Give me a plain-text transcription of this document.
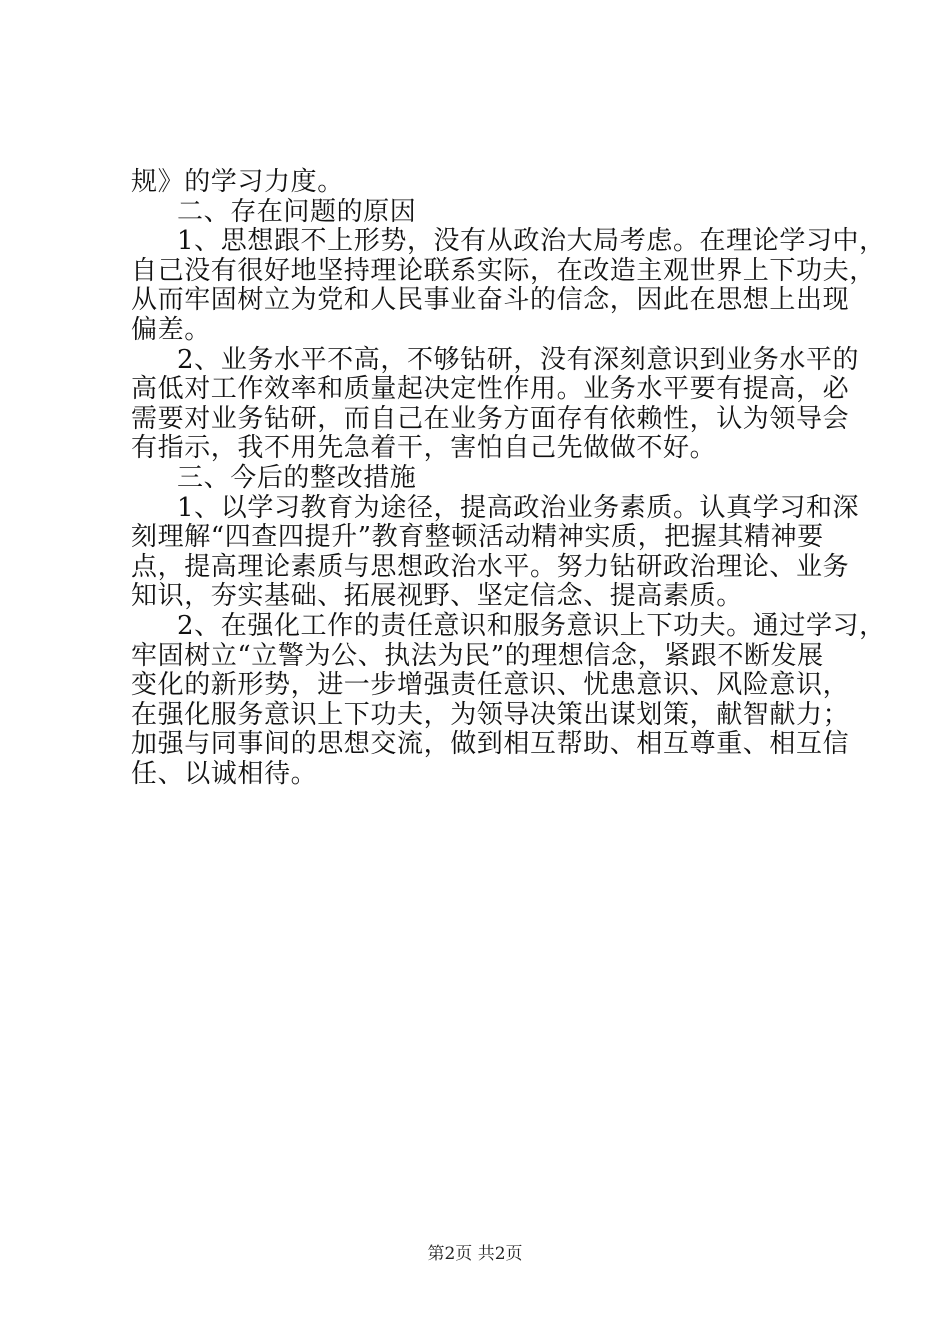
规》的学习力度。
二、存在问题的原因
1、思想跟不上形势，没有从政治大局考虑。在理论学习中，
自己没有很好地坚持理论联系实际，在改造主观世界上下功夫，
从而牢固树立为党和人民事业奋斗的信念，因此在思想上出现
偏差。
2、业务水平不高，不够钻研，没有深刻意识到业务水平的
高低对工作效率和质量起决定性作用。业务水平要有提高，必
需要对业务钻研，而自己在业务方面存有依赖性，认为领导会
有指示，我不用先急着干，害怕自己先做做不好。
三、今后的整改措施
1、以学习教育为途径，提高政治业务素质。认真学习和深
刻理解“四查四提升”教育整顿活动精神实质，把握其精神要
点，提高理论素质与思想政治水平。努力钻研政治理论、业务
知识，夯实基础、拓展视野、坚定信念、提高素质。
2、在强化工作的责任意识和服务意识上下功夫。通过学习，
牢固树立“立警为公、执法为民”的理想信念，紧跟不断发展
变化的新形势，进一步增强责任意识、忧患意识、风险意识，
在强化服务意识上下功夫，为领导决策出谋划策，献智献力；
加强与同事间的思想交流，做到相互帮助、相互尊重、相互信
任、以诚相待。
第2页 共2页
